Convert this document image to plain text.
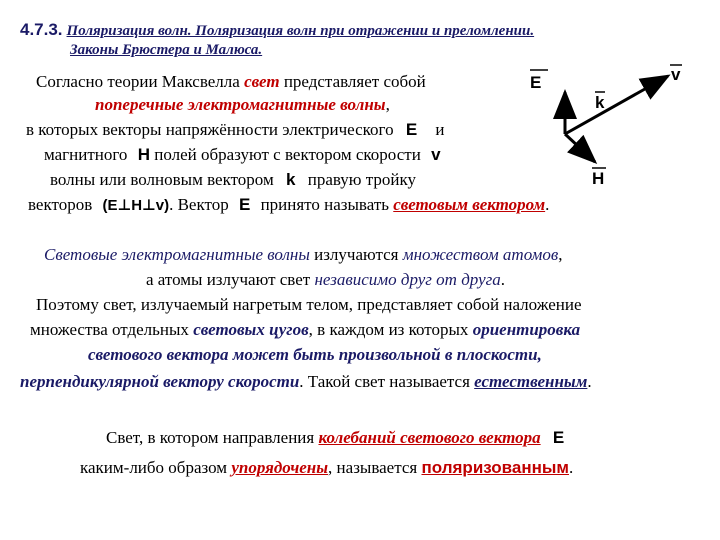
4.7.3. Поляризация волн. Поляризация волн при отражении и преломлении.
Законы Брюстера и Малюса.
Согласно теории Максвелла свет представляет собой
поперечные электромагнитные волны,
в которых векторы напряжённости электрического E и
магнитного H полей образуют с вектором скорости v
волны или волновым вектором k правую тройку
векторов (E⊥H⊥v). Вектор E принято называть световым вектором.
E	v
k
H
Световые электромагнитные волны излучаются множеством атомов,
а атомы излучают свет независимо друг от друга.
Поэтому свет, излучаемый нагретым телом, представляет собой наложение
множества отдельных световых цугов, в каждом из которых ориентировка
светового вектора может быть произвольной в плоскости,
перпендикулярной вектору скорости. Такой свет называется естественным.
Свет, в котором направления колебаний светового вектора E
каким-либо образом упорядочены, называется поляризованным.
